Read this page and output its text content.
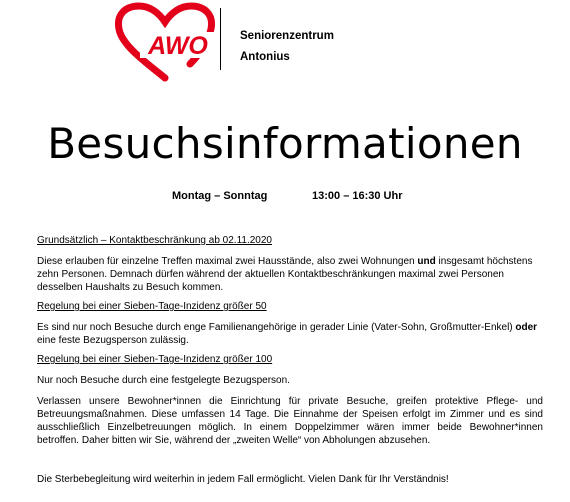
AWO	Seniorenzentrum
Antonius
Besuchsinformationen
Montag – Sonntag	13:00 – 16:30 Uhr

Grundsätzlich – Kontaktbeschränkung ab 02.11.2020

Diese erlauben für einzelne Treffen maximal zwei Hausstände, also zwei Wohnungen und insgesamt höchstens zehn Personen. Demnach dürfen während der aktuellen Kontaktbeschränkungen maximal zwei Personen desselben Haushalts zu Besuch kommen.

Regelung bei einer Sieben-Tage-Inzidenz größer 50

Es sind nur noch Besuche durch enge Familienangehörige in gerader Linie (Vater-Sohn, Großmutter-Enkel) oder eine feste Bezugsperson zulässig.

Regelung bei einer Sieben-Tage-Inzidenz größer 100

Nur noch Besuche durch eine festgelegte Bezugsperson.

Verlassen unsere Bewohner*innen die Einrichtung für private Besuche, greifen protektive Pflege- und Betreuungsmaßnahmen. Diese umfassen 14 Tage. Die Einnahme der Speisen erfolgt im Zimmer und es sind ausschließlich Einzelbetreuungen möglich. In einem Doppelzimmer wären immer beide Bewohner*innen betroffen. Daher bitten wir Sie, während der „zweiten Welle“ von Abholungen abzusehen.

Die Sterbebegleitung wird weiterhin in jedem Fall ermöglicht. Vielen Dank für Ihr Verständnis!
